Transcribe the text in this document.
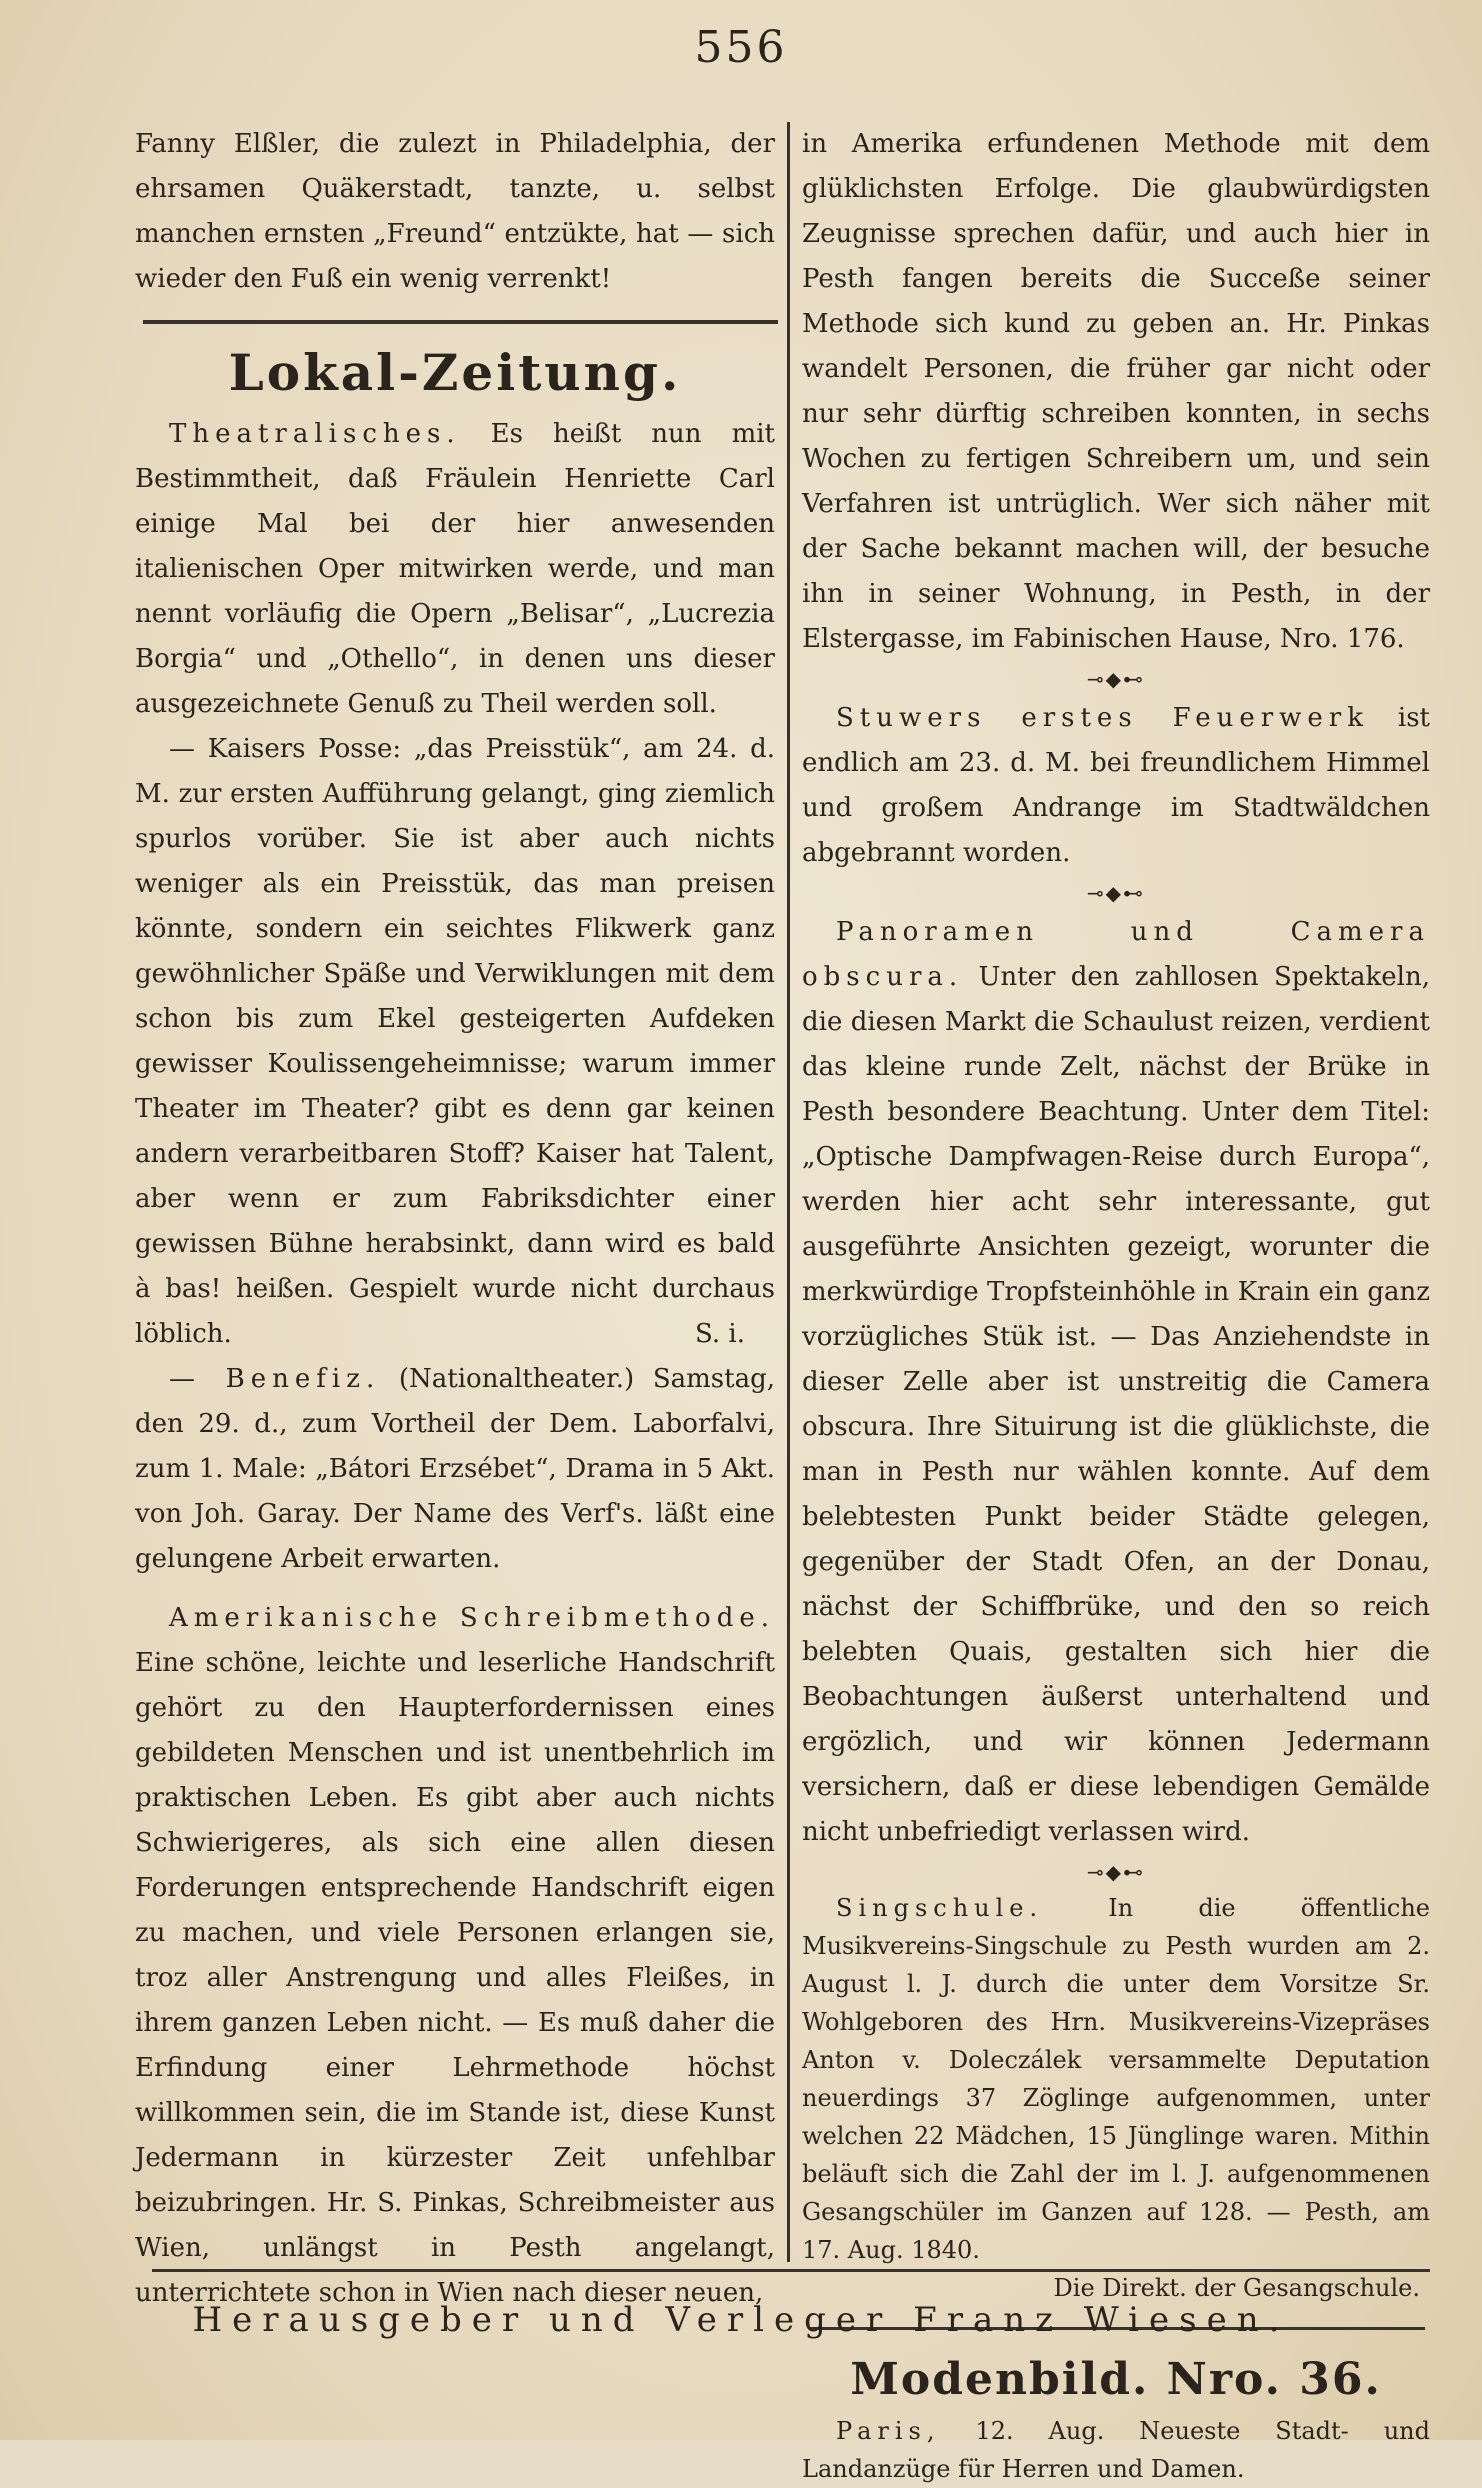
556

Fanny Elßler, die zulezt in Philadelphia, der ehrsamen Quäkerstadt, tanzte, u. selbst manchen ernsten „Freund“ entzükte, hat — sich wieder den Fuß ein wenig verrenkt!

Lokal-Zeitung.

Theatralisches. Es heißt nun mit Bestimmtheit, daß Fräulein Henriette Carl einige Mal bei der hier anwesenden italienischen Oper mitwirken werde, und man nennt vorläufig die Opern „Belisar“, „Lucrezia Borgia“ und „Othello“, in denen uns dieser ausgezeichnete Genuß zu Theil werden soll.

— Kaisers Posse: „das Preisstük“, am 24. d. M. zur ersten Aufführung gelangt, ging ziemlich spurlos vorüber. Sie ist aber auch nichts weniger als ein Preisstük, das man preisen könnte, sondern ein seichtes Flikwerk ganz gewöhnlicher Späße und Verwiklungen mit dem schon bis zum Ekel gesteigerten Aufdeken gewisser Koulissengeheimnisse; warum immer Theater im Theater? gibt es denn gar keinen andern verarbeitbaren Stoff? Kaiser hat Talent, aber wenn er zum Fabriksdichter einer gewissen Bühne herabsinkt, dann wird es bald à bas! heißen. Gespielt wurde nicht durchaus löblich.	S. i.

— Benefiz. (Nationaltheater.) Samstag, den 29. d., zum Vortheil der Dem. Laborfalvi, zum 1. Male: „Bátori Erzsébet“, Drama in 5 Akt. von Joh. Garay. Der Name des Verf's. läßt eine gelungene Arbeit erwarten.

Amerikanische Schreibmethode. Eine schöne, leichte und leserliche Handschrift gehört zu den Haupterfordernissen eines gebildeten Menschen und ist unentbehrlich im praktischen Leben. Es gibt aber auch nichts Schwierigeres, als sich eine allen diesen Forderungen entsprechende Handschrift eigen zu machen, und viele Personen erlangen sie, troz aller Anstrengung und alles Fleißes, in ihrem ganzen Leben nicht. — Es muß daher die Erfindung einer Lehrmethode höchst willkommen sein, die im Stande ist, diese Kunst Jedermann in kürzester Zeit unfehlbar beizubringen. Hr. S. Pinkas, Schreibmeister aus Wien, unlängst in Pesth angelangt, unterrichtete schon in Wien nach dieser neuen,

in Amerika erfundenen Methode mit dem glüklichsten Erfolge. Die glaubwürdigsten Zeugnisse sprechen dafür, und auch hier in Pesth fangen bereits die Succeße seiner Methode sich kund zu geben an. Hr. Pinkas wandelt Personen, die früher gar nicht oder nur sehr dürftig schreiben konnten, in sechs Wochen zu fertigen Schreibern um, und sein Verfahren ist untrüglich. Wer sich näher mit der Sache bekannt machen will, der besuche ihn in seiner Wohnung, in Pesth, in der Elstergasse, im Fabinischen Hause, Nro. 176.

⊸◆⊷

Stuwers erstes Feuerwerk ist endlich am 23. d. M. bei freundlichem Himmel und großem Andrange im Stadtwäldchen abgebrannt worden.

⊸◆⊷

Panoramen und Camera obscura. Unter den zahllosen Spektakeln, die diesen Markt die Schaulust reizen, verdient das kleine runde Zelt, nächst der Brüke in Pesth besondere Beachtung. Unter dem Titel: „Optische Dampfwagen-Reise durch Europa“, werden hier acht sehr interessante, gut ausgeführte Ansichten gezeigt, worunter die merkwürdige Tropfsteinhöhle in Krain ein ganz vorzügliches Stük ist. — Das Anziehendste in dieser Zelle aber ist unstreitig die Camera obscura. Ihre Situirung ist die glüklichste, die man in Pesth nur wählen konnte. Auf dem belebtesten Punkt beider Städte gelegen, gegenüber der Stadt Ofen, an der Donau, nächst der Schiffbrüke, und den so reich belebten Quais, gestalten sich hier die Beobachtungen äußerst unterhaltend und ergözlich, und wir können Jedermann versichern, daß er diese lebendigen Gemälde nicht unbefriedigt verlassen wird.

⊸◆⊷

Singschule.	In die öffentliche Musikvereins-Singschule zu Pesth wurden am 2. August l. J. durch die unter dem Vorsitze Sr. Wohlgeboren des Hrn. Musikvereins-Vizepräses Anton v. Doleczálek versammelte Deputation neuerdings 37 Zöglinge aufgenommen, unter welchen 22 Mädchen, 15 Jünglinge waren. Mithin beläuft sich die Zahl der im l. J. aufgenommenen Gesangschüler im Ganzen auf 128. — Pesth, am 17. Aug. 1840.

Die Direkt. der Gesangschule.

Modenbild. Nro. 36.

Paris, 12. Aug. Neueste Stadt- und Landanzüge für Herren und Damen.

Herausgeber und Verleger Franz Wiesen.
